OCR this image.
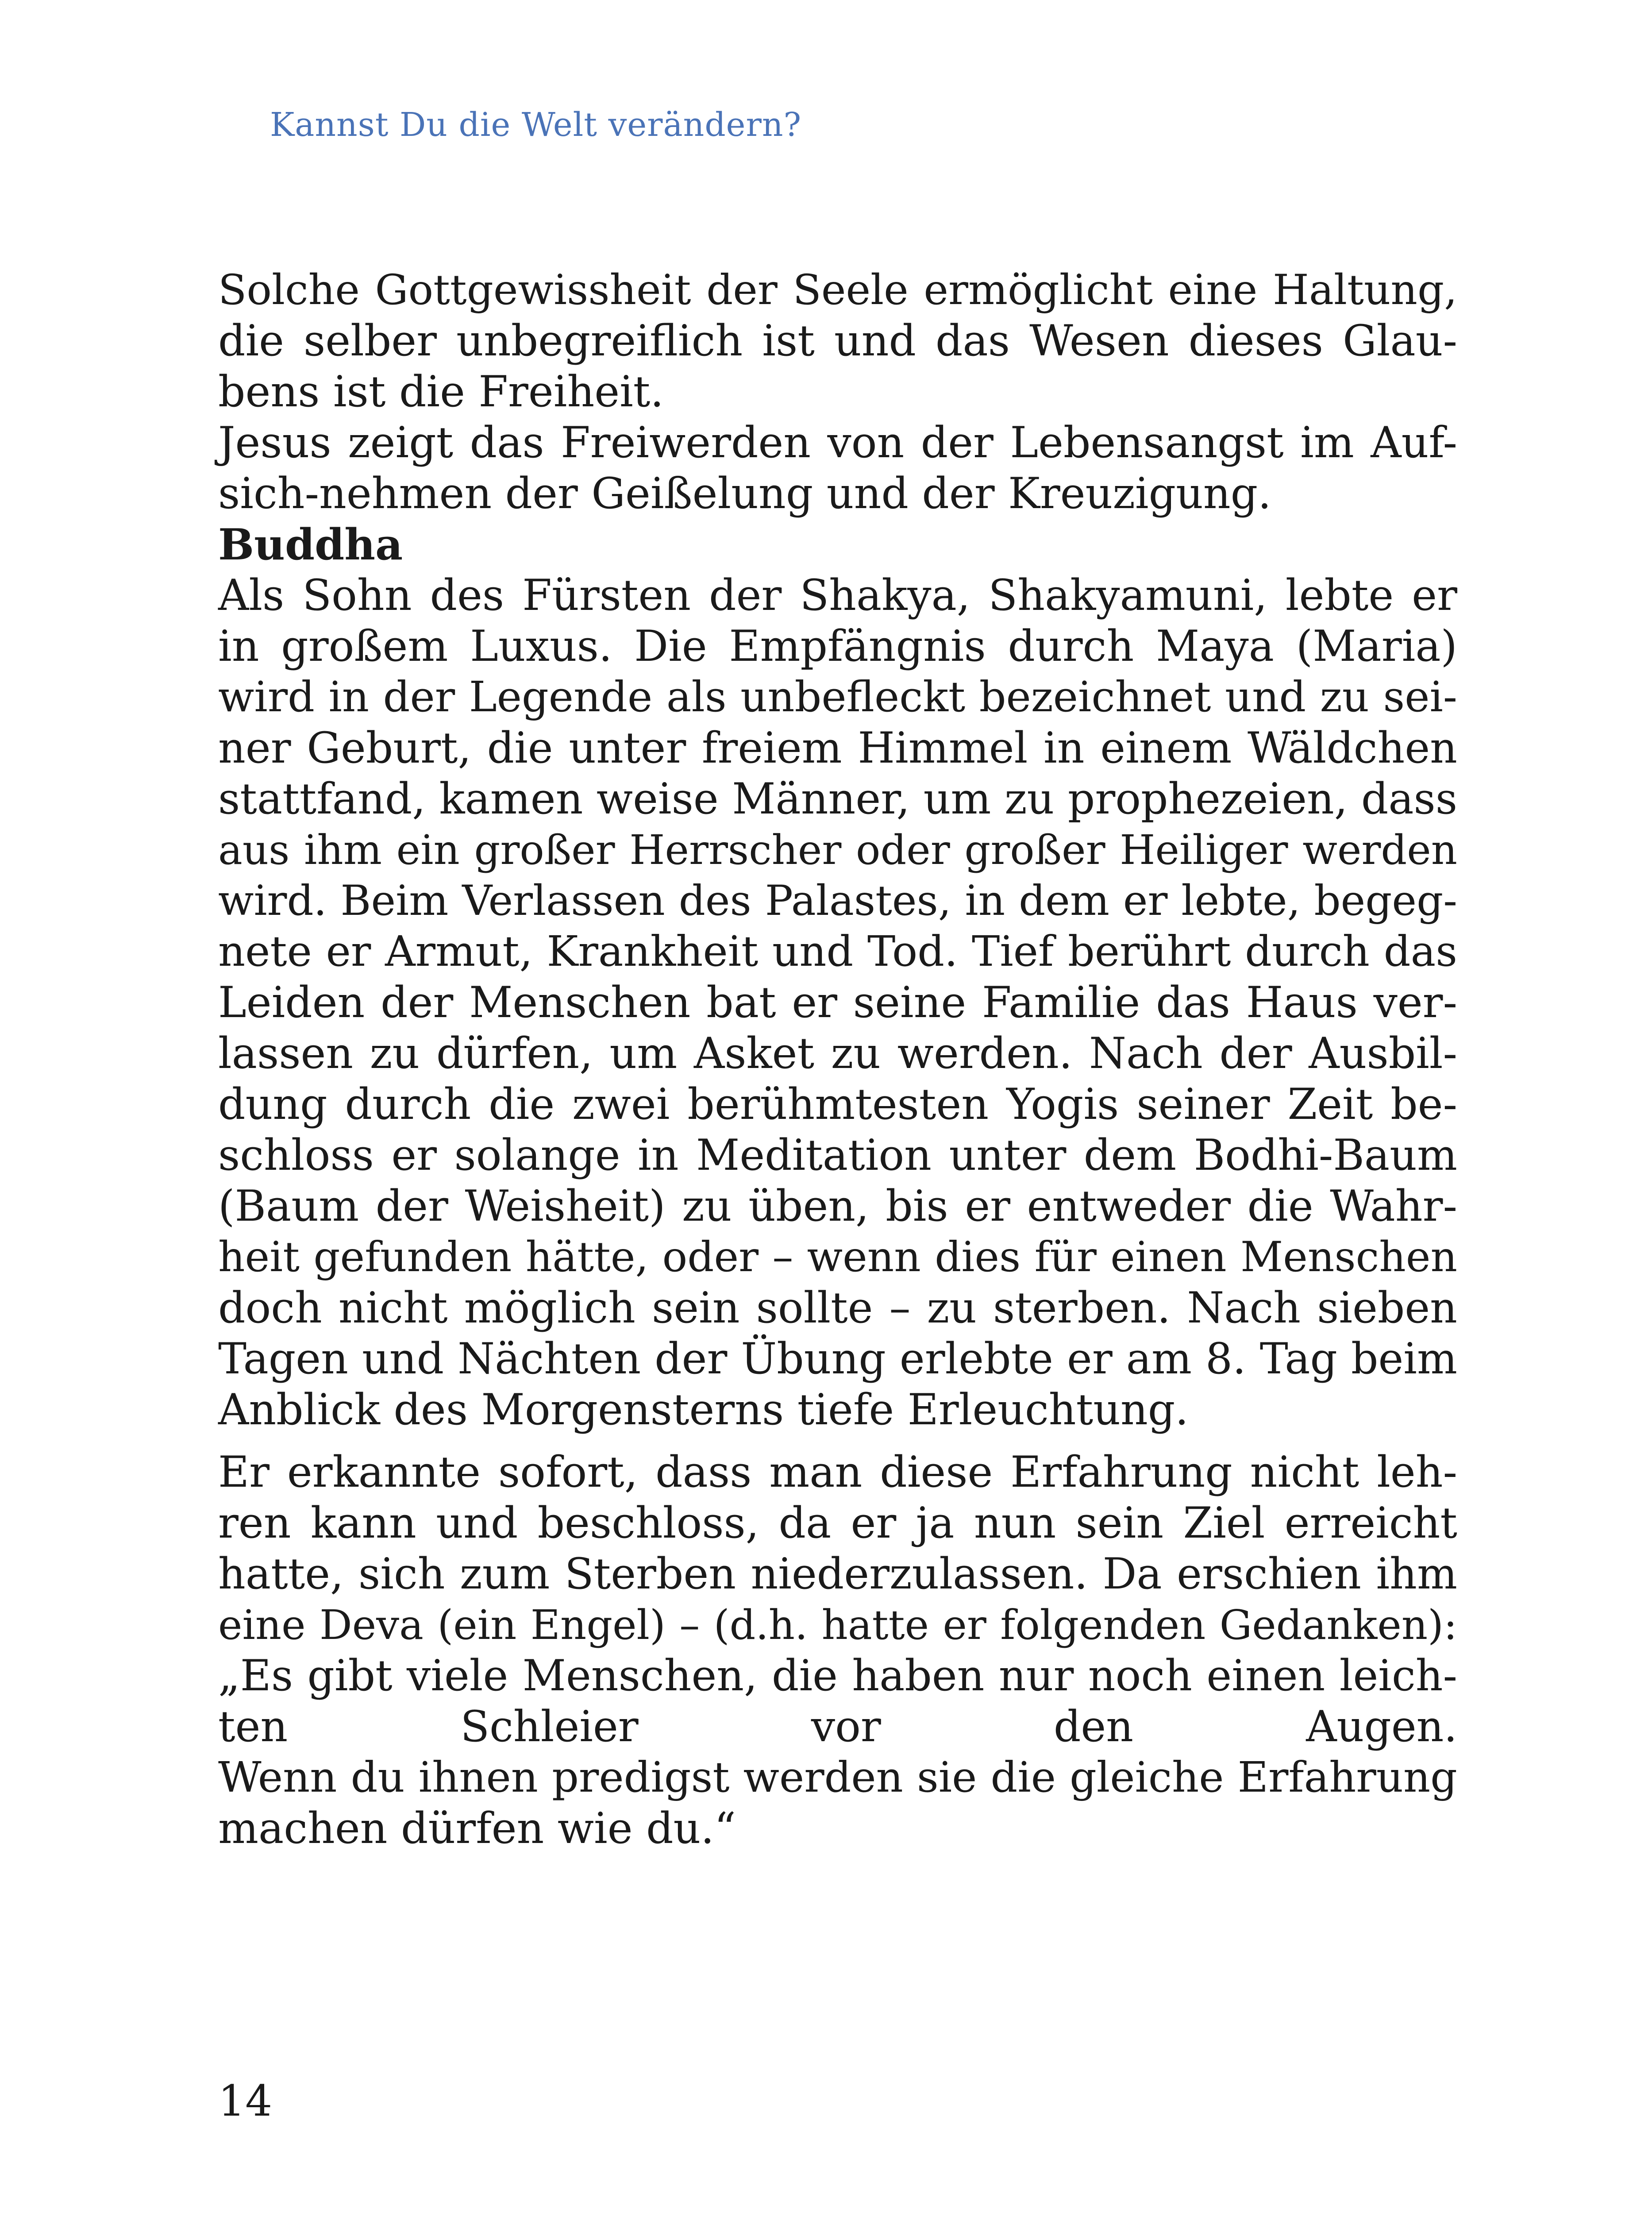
Kannst Du die Welt verändern?
Solche Gottgewissheit der Seele ermöglicht eine Haltung,
die selber unbegreiflich ist und das Wesen dieses Glau-
bens ist die Freiheit.
Jesus zeigt das Freiwerden von der Lebensangst im Auf-
sich-nehmen der Geißelung und der Kreuzigung.
Buddha
Als Sohn des Fürsten der Shakya, Shakyamuni, lebte er
in großem Luxus. Die Empfängnis durch Maya (Maria)
wird in der Legende als unbefleckt bezeichnet und zu sei-
ner Geburt, die unter freiem Himmel in einem Wäldchen
stattfand, kamen weise Männer, um zu prophezeien, dass
aus ihm ein großer Herrscher oder großer Heiliger werden
wird. Beim Verlassen des Palastes, in dem er lebte, begeg-
nete er Armut, Krankheit und Tod. Tief berührt durch das
Leiden der Menschen bat er seine Familie das Haus ver-
lassen zu dürfen, um Asket zu werden. Nach der Ausbil-
dung durch die zwei berühmtesten Yogis seiner Zeit be-
schloss er solange in Meditation unter dem Bodhi-Baum
(Baum der Weisheit) zu üben, bis er entweder die Wahr-
heit gefunden hätte, oder – wenn dies für einen Menschen
doch nicht möglich sein sollte – zu sterben. Nach sieben
Tagen und Nächten der Übung erlebte er am 8. Tag beim
Anblick des Morgensterns tiefe Erleuchtung.
Er erkannte sofort, dass man diese Erfahrung nicht leh-
ren kann und beschloss, da er ja nun sein Ziel erreicht
hatte, sich zum Sterben niederzulassen. Da erschien ihm
eine Deva (ein Engel) – (d.h. hatte er folgenden Gedanken):
„Es gibt viele Menschen, die haben nur noch einen leich-
ten Schleier vor den Augen.
Wenn du ihnen predigst werden sie die gleiche Erfahrung
machen dürfen wie du.“
14
